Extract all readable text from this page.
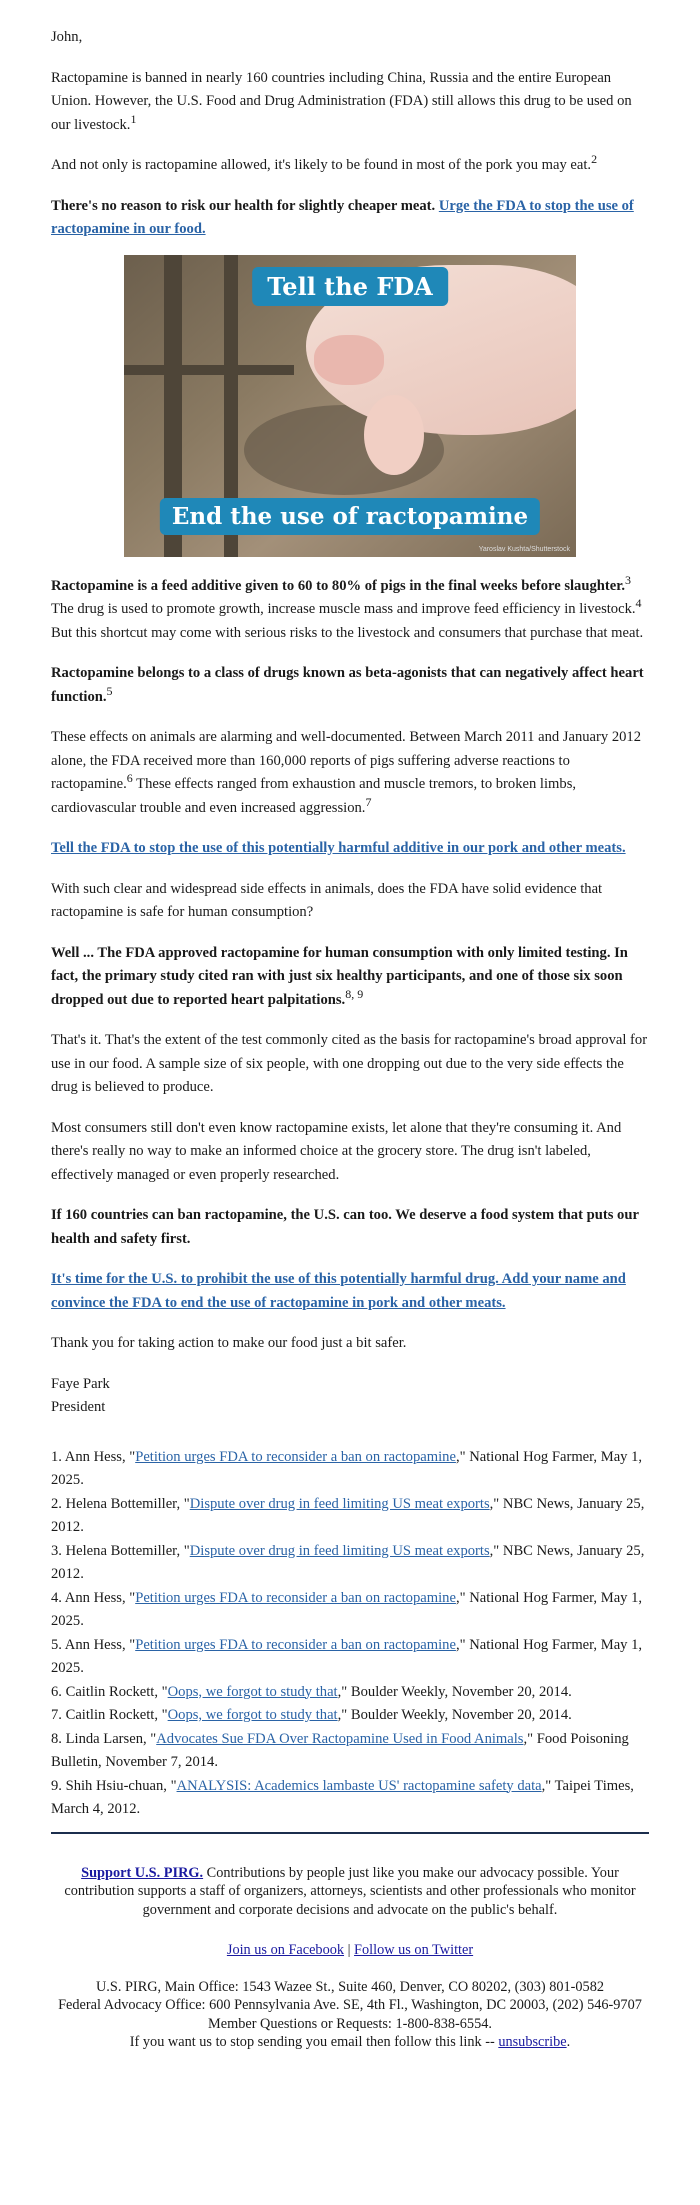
John,

Ractopamine is banned in nearly 160 countries including China, Russia and the entire European Union. However, the U.S. Food and Drug Administration (FDA) still allows this drug to be used on our livestock.$^1$

And not only is ractopamine allowed, it's likely to be found in most of the pork you may eat.$^2$

There's no reason to risk our health for slightly cheaper meat. Urge the FDA to stop the use of ractopamine in our food.

Tell the FDA
End the use of ractopamine
Yaroslav Kushta/Shutterstock

Ractopamine is a feed additive given to 60 to 80% of pigs in the final weeks before slaughter.$^3$ The drug is used to promote growth, increase muscle mass and improve feed efficiency in livestock.$^4$ But this shortcut may come with serious risks to the livestock and consumers that purchase that meat.

Ractopamine belongs to a class of drugs known as beta-agonists that can negatively affect heart function.$^5$

These effects on animals are alarming and well-documented. Between March 2011 and January 2012 alone, the FDA received more than 160,000 reports of pigs suffering adverse reactions to ractopamine.$^6$ These effects ranged from exhaustion and muscle tremors, to broken limbs, cardiovascular trouble and even increased aggression.$^7$

Tell the FDA to stop the use of this potentially harmful additive in our pork and other meats.

With such clear and widespread side effects in animals, does the FDA have solid evidence that ractopamine is safe for human consumption?

Well ... The FDA approved ractopamine for human consumption with only limited testing. In fact, the primary study cited ran with just six healthy participants, and one of those six soon dropped out due to reported heart palpitations.$^{8, 9}$

That's it. That's the extent of the test commonly cited as the basis for ractopamine's broad approval for use in our food. A sample size of six people, with one dropping out due to the very side effects the drug is believed to produce.

Most consumers still don't even know ractopamine exists, let alone that they're consuming it. And there's really no way to make an informed choice at the grocery store. The drug isn't labeled, effectively managed or even properly researched.

If 160 countries can ban ractopamine, the U.S. can too. We deserve a food system that puts our health and safety first.

It's time for the U.S. to prohibit the use of this potentially harmful drug. Add your name and convince the FDA to end the use of ractopamine in pork and other meats.

Thank you for taking action to make our food just a bit safer.

Faye Park

President

1. Ann Hess, "Petition urges FDA to reconsider a ban on ractopamine," National Hog Farmer, May 1, 2025.

2. Helena Bottemiller, "Dispute over drug in feed limiting US meat exports," NBC News, January 25, 2012.

3. Helena Bottemiller, "Dispute over drug in feed limiting US meat exports," NBC News, January 25, 2012.

4. Ann Hess, "Petition urges FDA to reconsider a ban on ractopamine," National Hog Farmer, May 1, 2025.

5. Ann Hess, "Petition urges FDA to reconsider a ban on ractopamine," National Hog Farmer, May 1, 2025.

6. Caitlin Rockett, "Oops, we forgot to study that," Boulder Weekly, November 20, 2014.

7. Caitlin Rockett, "Oops, we forgot to study that," Boulder Weekly, November 20, 2014.

8. Linda Larsen, "Advocates Sue FDA Over Ractopamine Used in Food Animals," Food Poisoning Bulletin, November 7, 2014.

9. Shih Hsiu-chuan, "ANALYSIS: Academics lambaste US' ractopamine safety data," Taipei Times, March 4, 2012.

Support U.S. PIRG. Contributions by people just like you make our advocacy possible. Your contribution supports a staff of organizers, attorneys, scientists and other professionals who monitor government and corporate decisions and advocate on the public's behalf.
Join us on Facebook | Follow us on Twitter
U.S. PIRG, Main Office: 1543 Wazee St., Suite 460, Denver, CO 80202, (303) 801-0582
Federal Advocacy Office: 600 Pennsylvania Ave. SE, 4th Fl., Washington, DC 20003, (202) 546-9707
Member Questions or Requests: 1-800-838-6554.
If you want us to stop sending you email then follow this link -- unsubscribe.
